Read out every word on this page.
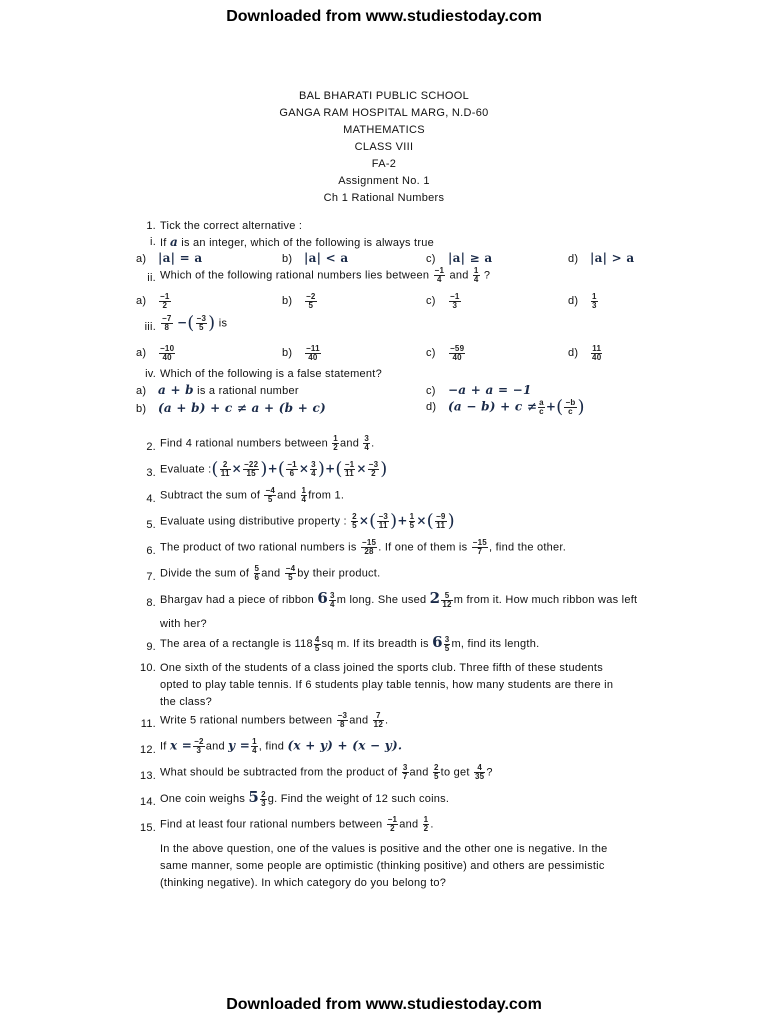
Downloaded from www.studiestoday.com
BAL BHARATI PUBLIC SCHOOL
GANGA RAM HOSPITAL MARG, N.D-60
MATHEMATICS
CLASS VIII
FA-2
Assignment No. 1
Ch 1 Rational Numbers
1. Tick the correct alternative :
i. If a is an integer, which of the following is always true
a) |a| = a	b) |a| < a	c) |a| ≥ a	d) |a| > a
ii. Which of the following rational numbers lies between $\frac{-1}{4}$ and $\frac{1}{4}$ ?
$a) \frac{-1}{2}$	$b) \frac{-2}{5}$	$c) \frac{-1}{3}$	$d) \frac{1}{3}$
iii. $\frac{-7}{8}$ −( $\frac{-3}{5}$ ) is
$a) \frac{-10}{40}$	$b) \frac{-11}{40}$	$c) \frac{-59}{40}$	$d) \frac{11}{40}$
iv. Which of the following is a false statement?
a) a + b is a rational number	c) −a + a = −1
b) (a + b) + c ≠ a + (b + c)	d) $(a - b) + c \ne \frac{a}{c}$ +( $\frac{-b}{c}$ )
2. Find 4 rational numbers between $\frac{1}{2}$ and $\frac{3}{4}$ .
3. Evaluate :( $\frac{2}{11} \times \frac{-22}{15}$ )+( $\frac{-1}{6} \times \frac{3}{4}$ )+( $\frac{-1}{11} \times \frac{-3}{2}$ )
4. Subtract the sum of $\frac{-4}{5}$ and $\frac{1}{4}$ from 1.
5. Evaluate using distributive property : $\frac{2}{5}$ ×( $\frac{-3}{11}$ )+ $\frac{1}{5}$ ×( $\frac{-9}{11}$ )
6. The product of two rational numbers is $\frac{-15}{28}$ . If one of them is $\frac{-15}{7}$ , find the other.
7. Divide the sum of $\frac{5}{6}$ and $\frac{-4}{5}$ by their product.
8. Bhargav had a piece of ribbon $6 \frac{3}{4}$ m long. She used $2 \frac{5}{12}$ m from it. How much ribbon was left
with her?
9. The area of a rectangle is $118 \frac{4}{5}$ sq m. If its breadth is $6 \frac{3}{5} m$, find its length.
10. One sixth of the students of a class joined the sports club. Three fifth of these students
opted to play table tennis. If 6 students play table tennis, how many students are there in
the class?
11. Write 5 rational numbers between $\frac{-3}{8}$ and $\frac{7}{12}$ .
12. If $x = \frac{-2}{3}$ and $y = \frac{1}{4}$ , find (x + y) + (x − y).
13. What should be subtracted from the product of $\frac{3}{7}$ and $\frac{2}{5}$ to get $\frac{4}{35}$ ?
14. One coin weighs $5 \frac{2}{3} g$. Find the weight of 12 such coins.
15. Find at least four rational numbers between $\frac{-1}{2}$ and $\frac{1}{2}$ .
In the above question, one of the values is positive and the other one is negative. In the
same manner, some people are optimistic (thinking positive) and others are pessimistic
(thinking negative). In which category do you belong to?
Downloaded from www.studiestoday.com
